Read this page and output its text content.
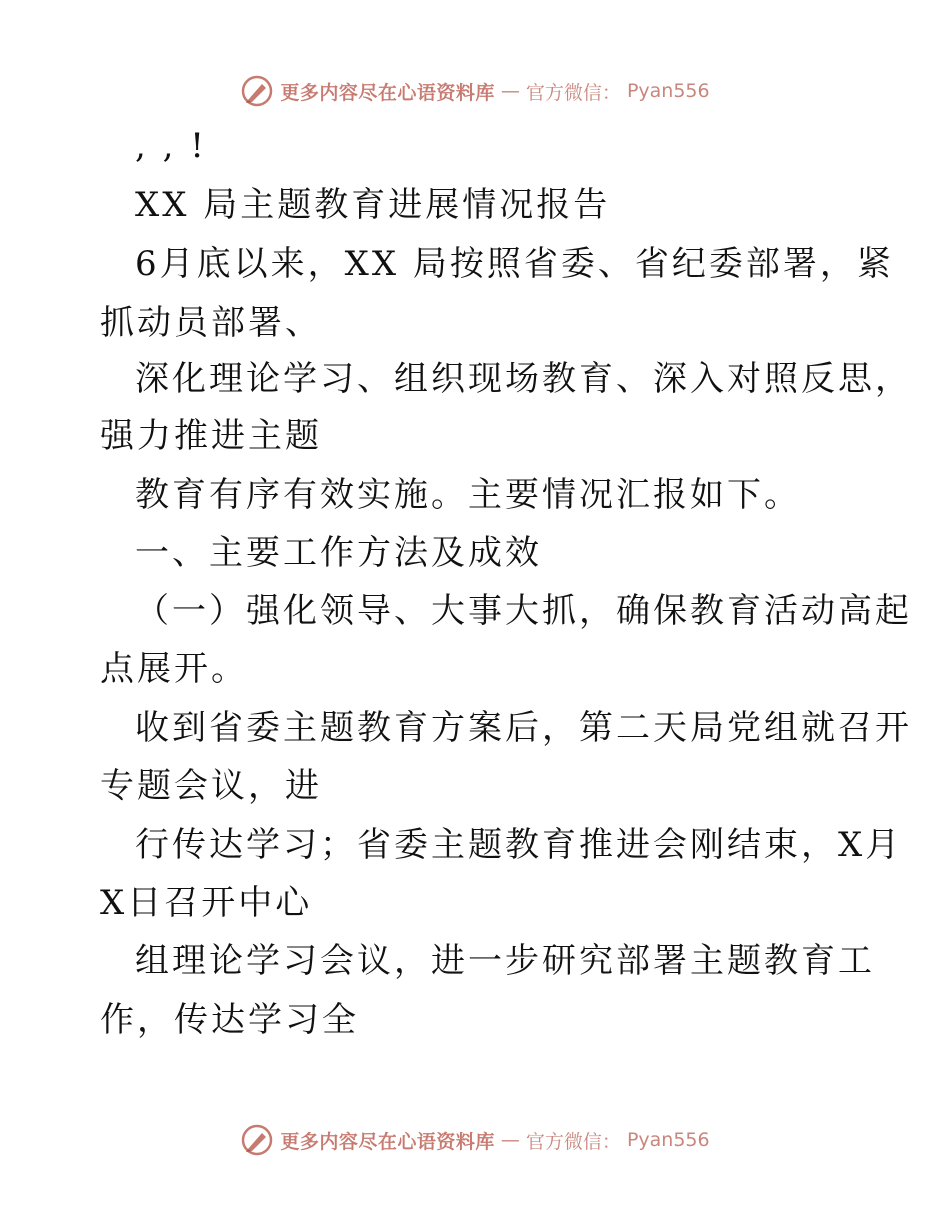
更多内容尽在心语资料库 — 官方微信： Pyan556
, , !
XX 局主题教育进展情况报告
6月底以来，XX 局按照省委、省纪委部署，紧
抓动员部署、
深化理论学习、组织现场教育、深入对照反思，
强力推进主题
教育有序有效实施。主要情况汇报如下。
一、主要工作方法及成效
（一）强化领导、大事大抓，确保教育活动高起
点展开。
收到省委主题教育方案后，第二天局党组就召开
专题会议，进
行传达学习；省委主题教育推进会刚结束，X月
X日召开中心
组理论学习会议，进一步研究部署主题教育工
作，传达学习全
更多内容尽在心语资料库 — 官方微信： Pyan556
